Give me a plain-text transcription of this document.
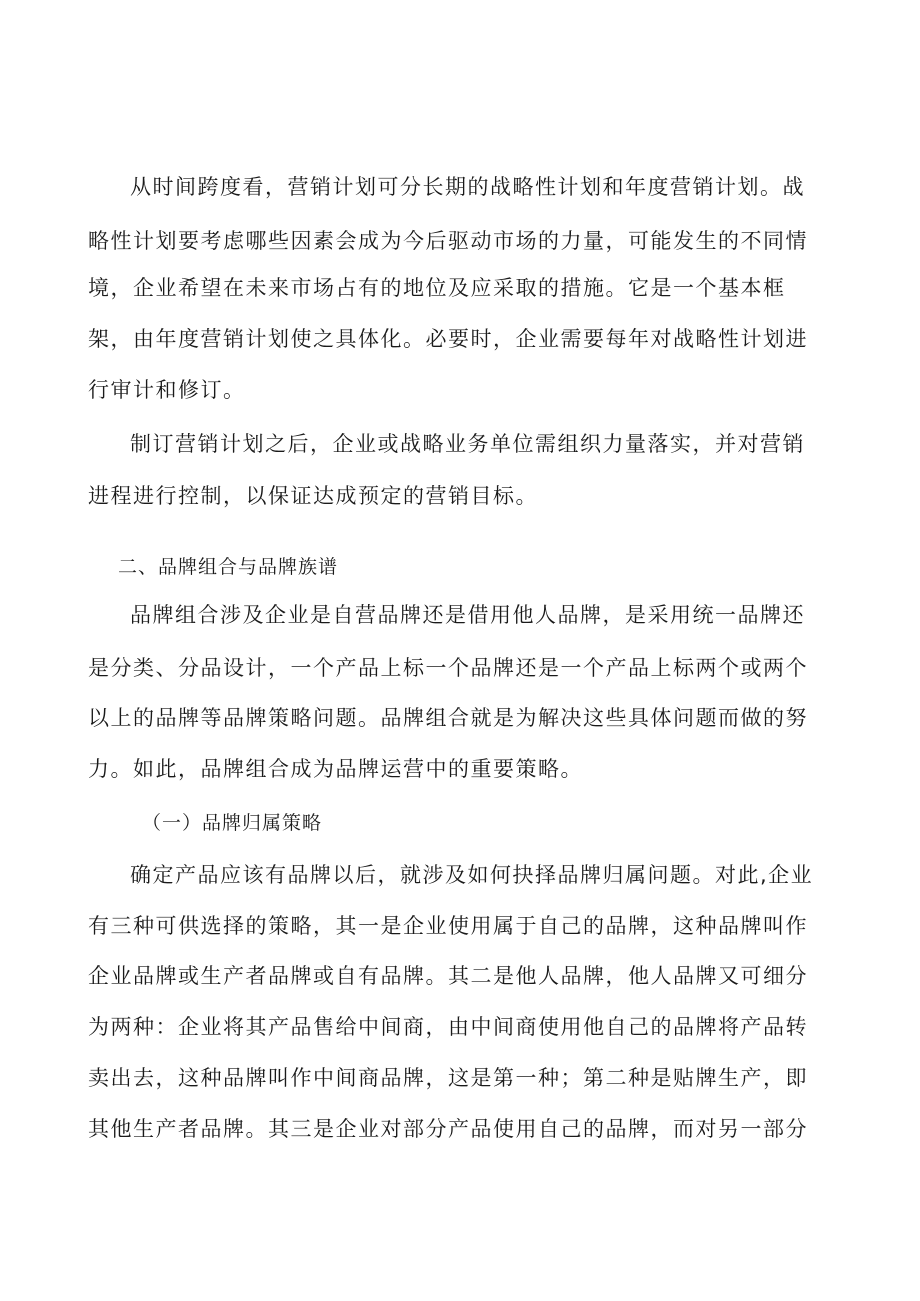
从时间跨度看，营销计划可分长期的战略性计划和年度营销计划。战
略性计划要考虑哪些因素会成为今后驱动市场的力量，可能发生的不同情
境，企业希望在未来市场占有的地位及应采取的措施。它是一个基本框
架，由年度营销计划使之具体化。必要时，企业需要每年对战略性计划进
行审计和修订。
制订营销计划之后，企业或战略业务单位需组织力量落实，并对营销
进程进行控制，以保证达成预定的营销目标。
二、品牌组合与品牌族谱
品牌组合涉及企业是自营品牌还是借用他人品牌，是采用统一品牌还
是分类、分品设计，一个产品上标一个品牌还是一个产品上标两个或两个
以上的品牌等品牌策略问题。品牌组合就是为解决这些具体问题而做的努
力。如此，品牌组合成为品牌运营中的重要策略。
（一）品牌归属策略
确定产品应该有品牌以后，就涉及如何抉择品牌归属问题。对此,企业
有三种可供选择的策略，其一是企业使用属于自己的品牌，这种品牌叫作
企业品牌或生产者品牌或自有品牌。其二是他人品牌，他人品牌又可细分
为两种：企业将其产品售给中间商，由中间商使用他自己的品牌将产品转
卖出去，这种品牌叫作中间商品牌，这是第一种；第二种是贴牌生产，即
其他生产者品牌。其三是企业对部分产品使用自己的品牌，而对另一部分
